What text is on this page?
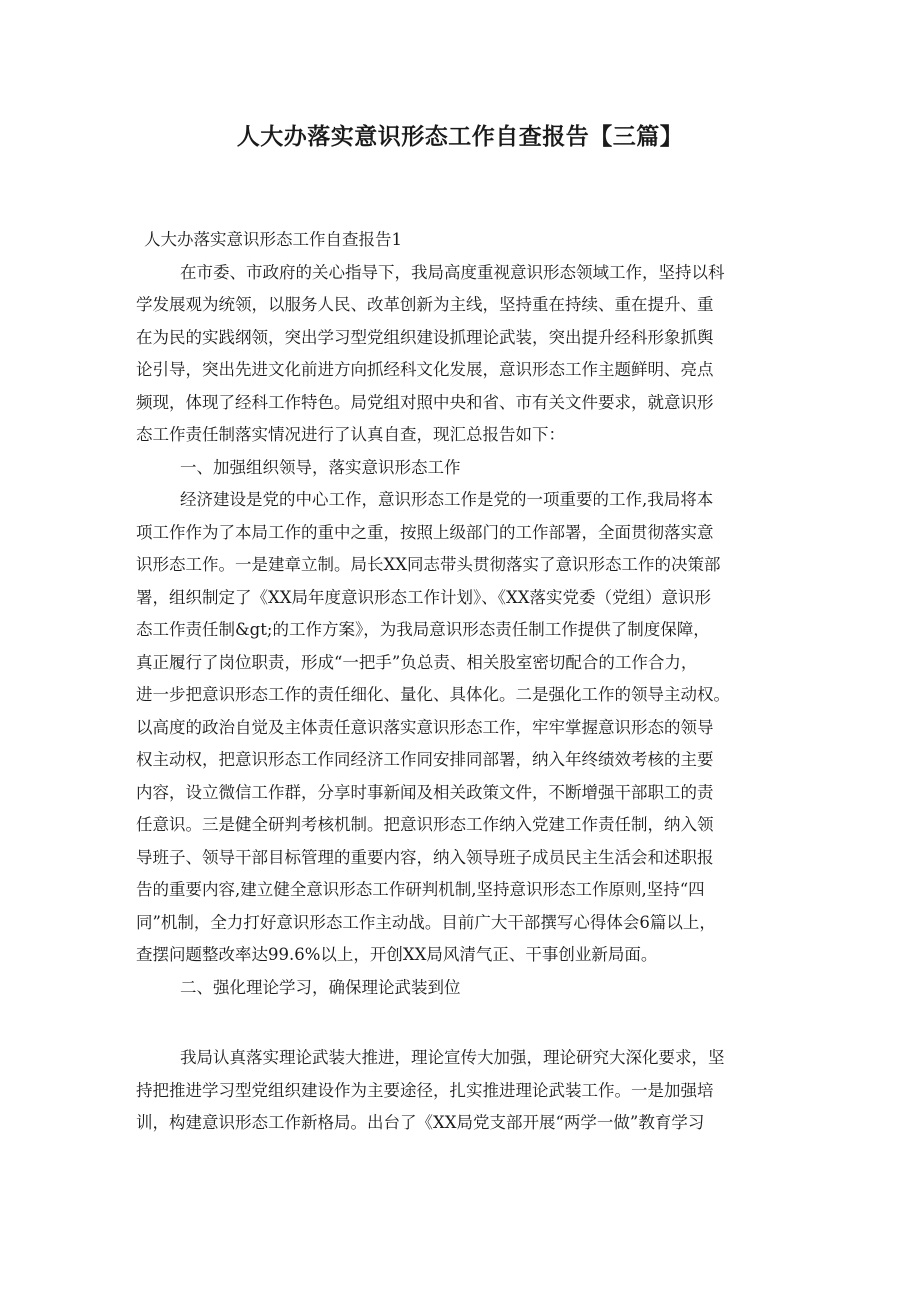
人大办落实意识形态工作自查报告【三篇】
人大办落实意识形态工作自查报告1
在市委、市政府的关心指导下，我局高度重视意识形态领域工作，坚持以科
学发展观为统领，以服务人民、改革创新为主线，坚持重在持续、重在提升、重
在为民的实践纲领，突出学习型党组织建设抓理论武装，突出提升经科形象抓舆
论引导，突出先进文化前进方向抓经科文化发展，意识形态工作主题鲜明、亮点
频现，体现了经科工作特色。局党组对照中央和省、市有关文件要求，就意识形
态工作责任制落实情况进行了认真自查，现汇总报告如下：
一、加强组织领导，落实意识形态工作
经济建设是党的中心工作，意识形态工作是党的一项重要的工作,我局将本
项工作作为了本局工作的重中之重，按照上级部门的工作部署，全面贯彻落实意
识形态工作。一是建章立制。局长XX同志带头贯彻落实了意识形态工作的决策部
署，组织制定了《XX局年度意识形态工作计划》、《XX落实党委（党组）意识形
态工作责任制&gt;的工作方案》，为我局意识形态责任制工作提供了制度保障，
真正履行了岗位职责，形成“一把手”负总责、相关股室密切配合的工作合力，
进一步把意识形态工作的责任细化、量化、具体化。二是强化工作的领导主动权。
以高度的政治自觉及主体责任意识落实意识形态工作，牢牢掌握意识形态的领导
权主动权，把意识形态工作同经济工作同安排同部署，纳入年终绩效考核的主要
内容，设立微信工作群，分享时事新闻及相关政策文件，不断增强干部职工的责
任意识。三是健全研判考核机制。把意识形态工作纳入党建工作责任制，纳入领
导班子、领导干部目标管理的重要内容，纳入领导班子成员民主生活会和述职报
告的重要内容,建立健全意识形态工作研判机制,坚持意识形态工作原则,坚持“四
同”机制，全力打好意识形态工作主动战。目前广大干部撰写心得体会6篇以上，
查摆问题整改率达99.6%以上，开创XX局风清气正、干事创业新局面。
二、强化理论学习，确保理论武装到位
我局认真落实理论武装大推进，理论宣传大加强，理论研究大深化要求，坚
持把推进学习型党组织建设作为主要途径，扎实推进理论武装工作。一是加强培
训，构建意识形态工作新格局。出台了《XX局党支部开展“两学一做”教育学习
